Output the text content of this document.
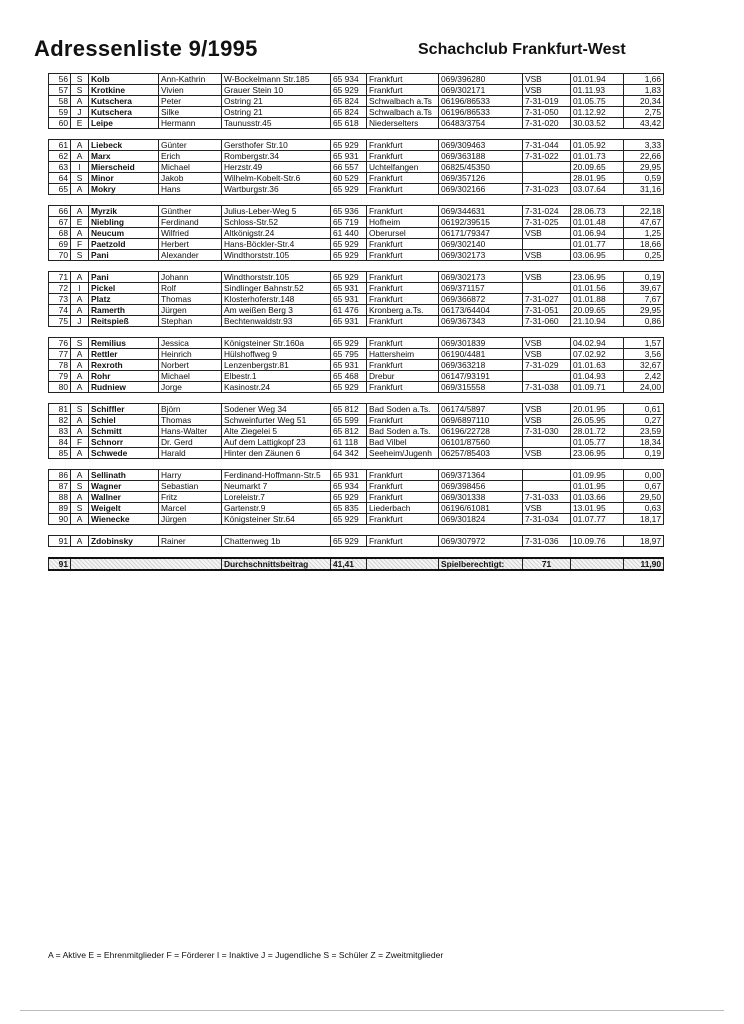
Adressenliste 9/1995	Schachclub Frankfurt-West
56	S	Kolb	Ann-Kathrin	W-Bockelmann Str.185	65 934	Frankfurt	069/396280	VSB	01.01.94	1,66
57	S	Krotkine	Vivien	Grauer Stein 10	65 929	Frankfurt	069/302171	VSB	01.11.93	1,83
58	A	Kutschera	Peter	Ostring 21	65 824	Schwalbach a.Ts	06196/86533	7-31-019	01.05.75	20,34
59	J	Kutschera	Silke	Ostring 21	65 824	Schwalbach a.Ts	06196/86533	7-31-050	01.12.92	2,75
60	E	Leipe	Hermann	Taunusstr.45	65 618	Niederselters	06483/3754	7-31-020	30.03.52	43,42

61	A	Liebeck	Günter	Gersthofer Str.10	65 929	Frankfurt	069/309463	7-31-044	01.05.92	3,33
62	A	Marx	Erich	Rombergstr.34	65 931	Frankfurt	069/363188	7-31-022	01.01.73	22,66
63	I	Mierscheid	Michael	Herzstr.49	66 557	Uchtelfangen	06825/45350		20.09.65	29,95
64	S	Minor	Jakob	Wilhelm-Kobelt-Str.6	60 529	Frankfurt	069/357126		28.01.95	0,59
65	A	Mokry	Hans	Wartburgstr.36	65 929	Frankfurt	069/302166	7-31-023	03.07.64	31,16

66	A	Myrzik	Günther	Julius-Leber-Weg 5	65 936	Frankfurt	069/344631	7-31-024	28.06.73	22,18
67	E	Niebling	Ferdinand	Schloss-Str.52	65 719	Hofheim	06192/39515	7-31-025	01.01.48	47,67
68	A	Neucum	Wilfried	Altkönigstr.24	61 440	Oberursel	06171/79347	VSB	01.06.94	1,25
69	F	Paetzold	Herbert	Hans-Böckler-Str.4	65 929	Frankfurt	069/302140		01.01.77	18,66
70	S	Pani	Alexander	Windthorststr.105	65 929	Frankfurt	069/302173	VSB	03.06.95	0,25

71	A	Pani	Johann	Windthorststr.105	65 929	Frankfurt	069/302173	VSB	23.06.95	0,19
72	I	Pickel	Rolf	Sindlinger Bahnstr.52	65 931	Frankfurt	069/371157		01.01.56	39,67
73	A	Platz	Thomas	Klosterhoferstr.148	65 931	Frankfurt	069/366872	7-31-027	01.01.88	7,67
74	A	Ramerth	Jürgen	Am weißen Berg 3	61 476	Kronberg a.Ts.	06173/64404	7-31-051	20.09.65	29,95
75	J	Reitspieß	Stephan	Bechtenwaldstr.93	65 931	Frankfurt	069/367343	7-31-060	21.10.94	0,86

76	S	Remilius	Jessica	Königsteiner Str.160a	65 929	Frankfurt	069/301839	VSB	04.02.94	1,57
77	A	Rettler	Heinrich	Hülshoffweg 9	65 795	Hattersheim	06190/4481	VSB	07.02.92	3,56
78	A	Rexroth	Norbert	Lenzenbergstr.81	65 931	Frankfurt	069/363218	7-31-029	01.01.63	32,67
79	A	Rohr	Michael	Elbestr.1	65 468	Drebur	06147/93191		01.04.93	2,42
80	A	Rudniew	Jorge	Kasinostr.24	65 929	Frankfurt	069/315558	7-31-038	01.09.71	24,00

81	S	Schiffler	Björn	Sodener Weg 34	65 812	Bad Soden a.Ts.	06174/5897	VSB	20.01.95	0,61
82	A	Schiel	Thomas	Schweinfurter Weg 51	65 599	Frankfurt	069/6897110	VSB	26.05.95	0,27
83	A	Schmitt	Hans-Walter	Alte Ziegelei 5	65 812	Bad Soden a.Ts.	06196/22728	7-31-030	28.01.72	23,59
84	F	Schnorr	Dr. Gerd	Auf dem Lattigkopf 23	61 118	Bad Vilbel	06101/87560		01.05.77	18,34
85	A	Schwede	Harald	Hinter den Zäunen 6	64 342	Seeheim/Jugenh	06257/85403	VSB	23.06.95	0,19

86	A	Sellinath	Harry	Ferdinand-Hoffmann-Str.5	65 931	Frankfurt	069/371364		01.09.95	0,00
87	S	Wagner	Sebastian	Neumarkt 7	65 934	Frankfurt	069/398456		01.01.95	0,67
88	A	Wallner	Fritz	Loreleistr.7	65 929	Frankfurt	069/301338	7-31-033	01.03.66	29,50
89	S	Weigelt	Marcel	Gartenstr.9	65 835	Liederbach	06196/61081	VSB	13.01.95	0,63
90	A	Wienecke	Jürgen	Königsteiner Str.64	65 929	Frankfurt	069/301824	7-31-034	01.07.77	18,17

91	A	Zdobinsky	Rainer	Chattenweg 1b	65 929	Frankfurt	069/307972	7-31-036	10.09.76	18,97

91				Durchschnittsbeitrag	41,41		Spielberechtigt:	71		11,90
A = Aktive E = Ehrenmitglieder F = Förderer I = Inaktive J = Jugendliche S = Schüler Z = Zweitmitglieder
